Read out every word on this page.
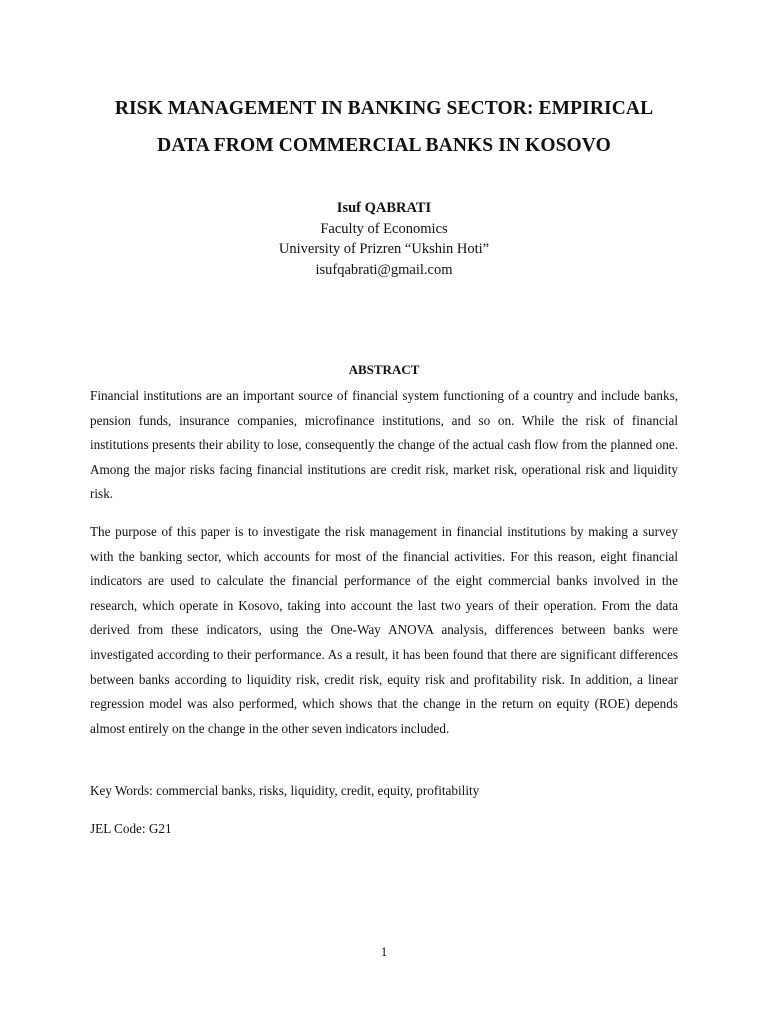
RISK MANAGEMENT IN BANKING SECTOR: EMPIRICAL
DATA FROM COMMERCIAL BANKS IN KOSOVO
Isuf QABRATI
Faculty of Economics
University of Prizren “Ukshin Hoti”
isufqabrati@gmail.com
ABSTRACT

Financial institutions are an important source of financial system functioning of a country and include banks, pension funds, insurance companies, microfinance institutions, and so on. While the risk of financial institutions presents their ability to lose, consequently the change of the actual cash flow from the planned one. Among the major risks facing financial institutions are credit risk, market risk, operational risk and liquidity risk.

The purpose of this paper is to investigate the risk management in financial institutions by making a survey with the banking sector, which accounts for most of the financial activities. For this reason, eight financial indicators are used to calculate the financial performance of the eight commercial banks involved in the research, which operate in Kosovo, taking into account the last two years of their operation. From the data derived from these indicators, using the One-Way ANOVA analysis, differences between banks were investigated according to their performance. As a result, it has been found that there are significant differences between banks according to liquidity risk, credit risk, equity risk and profitability risk. In addition, a linear regression model was also performed, which shows that the change in the return on equity (ROE) depends almost entirely on the change in the other seven indicators included.

Key Words: commercial banks, risks, liquidity, credit, equity, profitability
JEL Code: G21
1
